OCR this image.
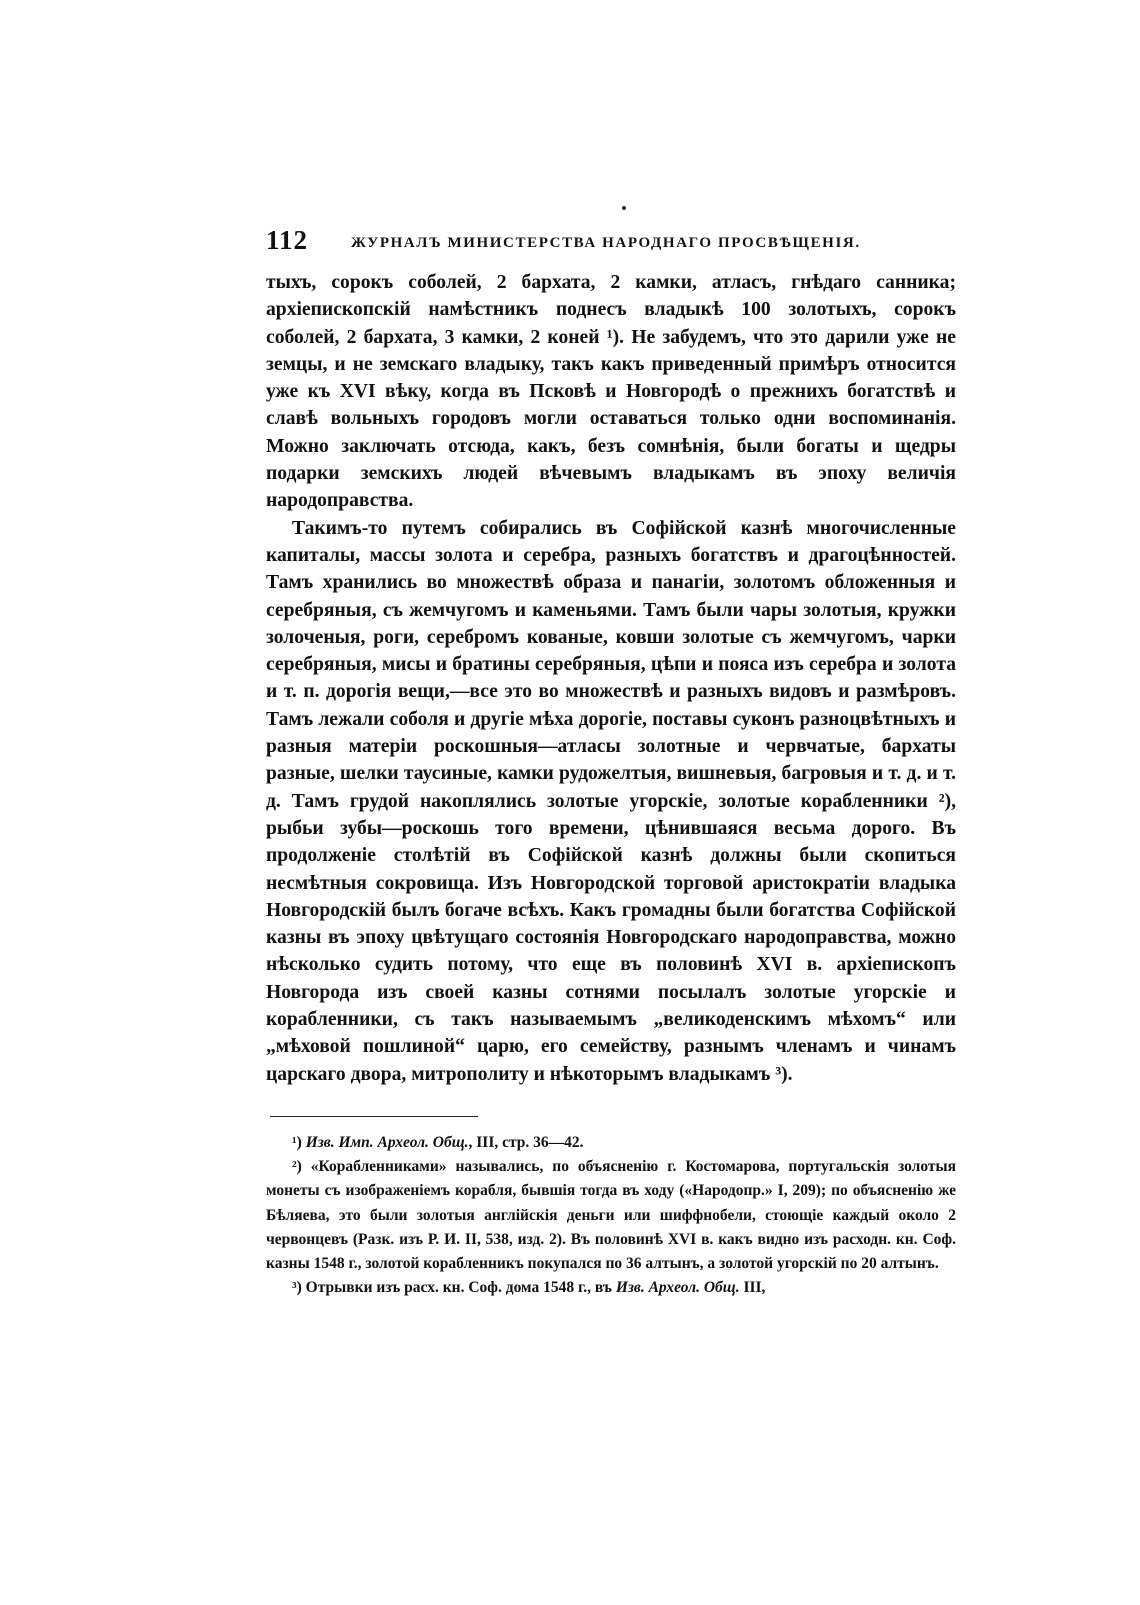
112	ЖУРНАЛЪ МИНИСТЕРСТВА НАРОДНАГО ПРОСВѢЩЕНІЯ.

тыхъ, сорокъ соболей, 2 бархата, 2 камки, атласъ, гнѣдаго санника; архіепископскій намѣстникъ поднесъ владыкѣ 100 золотыхъ, сорокъ соболей, 2 бархата, 3 камки, 2 коней ¹). Не забудемъ, что это дарили уже не земцы, и не земскаго владыку, такъ какъ приведенный примѣръ относится уже къ XVI вѣку, когда въ Псковѣ и Новгородѣ о прежнихъ богатствѣ и славѣ вольныхъ городовъ могли оставаться только одни воспоминанія. Можно заключать отсюда, какъ, безъ сомнѣнія, были богаты и щедры подарки земскихъ людей вѣчевымъ владыкамъ въ эпоху величія народоправства.

Такимъ-то путемъ собирались въ Софійской казнѣ многочисленные капиталы, массы золота и серебра, разныхъ богатствъ и драгоцѣнностей. Тамъ хранились во множествѣ образа и панагіи, золотомъ обложенныя и серебряныя, съ жемчугомъ и каменьями. Тамъ были чары золотыя, кружки золоченыя, роги, серебромъ кованые, ковши золотые съ жемчугомъ, чарки серебряныя, мисы и братины серебряныя, цѣпи и пояса изъ серебра и золота и т. п. дорогія вещи,—все это во множествѣ и разныхъ видовъ и размѣровъ. Тамъ лежали соболя и другіе мѣха дорогіе, поставы суконъ разноцвѣтныхъ и разныя матеріи роскошныя—атласы золотные и червчатые, бархаты разные, шелки таусиные, камки рудожелтыя, вишневыя, багровыя и т. д. и т. д. Тамъ грудой накоплялись золотые угорскіе, золотые корабленники ²), рыбьи зубы—роскошь того времени, цѣнившаяся весьма дорого. Въ продолженіе столѣтій въ Софійской казнѣ должны были скопиться несмѣтныя сокровища. Изъ Новгородской торговой аристократіи владыка Новгородскій былъ богаче всѣхъ. Какъ громадны были богатства Софійской казны въ эпоху цвѣтущаго состоянія Новгородскаго народоправства, можно нѣсколько судить потому, что еще въ половинѣ XVI в. архіепископъ Новгорода изъ своей казны сотнями посылалъ золотые угорскіе и корабленники, съ такъ называемымъ „великоденскимъ мѣхомъ“ или „мѣховой пошлиной“ царю, его семейству, разнымъ членамъ и чинамъ царскаго двора, митрополиту и нѣкоторымъ владыкамъ ³).

¹) Изв. Имп. Археол. Общ., III, стр. 36—42.

²) «Корабленниками» назывались, по объясненію г. Костомарова, португальскія золотыя монеты съ изображеніемъ корабля, бывшія тогда въ ходу («Народопр.» I, 209); по объясненію же Бѣляева, это были золотыя англійскія деньги или шиффнобели, стоющіе каждый около 2 червонцевъ (Разк. изъ Р. И. II, 538, изд. 2). Въ половинѣ XVI в. какъ видно изъ расходн. кн. Соф. казны 1548 г., золотой корабленникъ покупался по 36 алтынъ, а золотой угорскій по 20 алтынъ.

³) Отрывки изъ расх. кн. Соф. дома 1548 г., въ Изв. Археол. Общ. III,
